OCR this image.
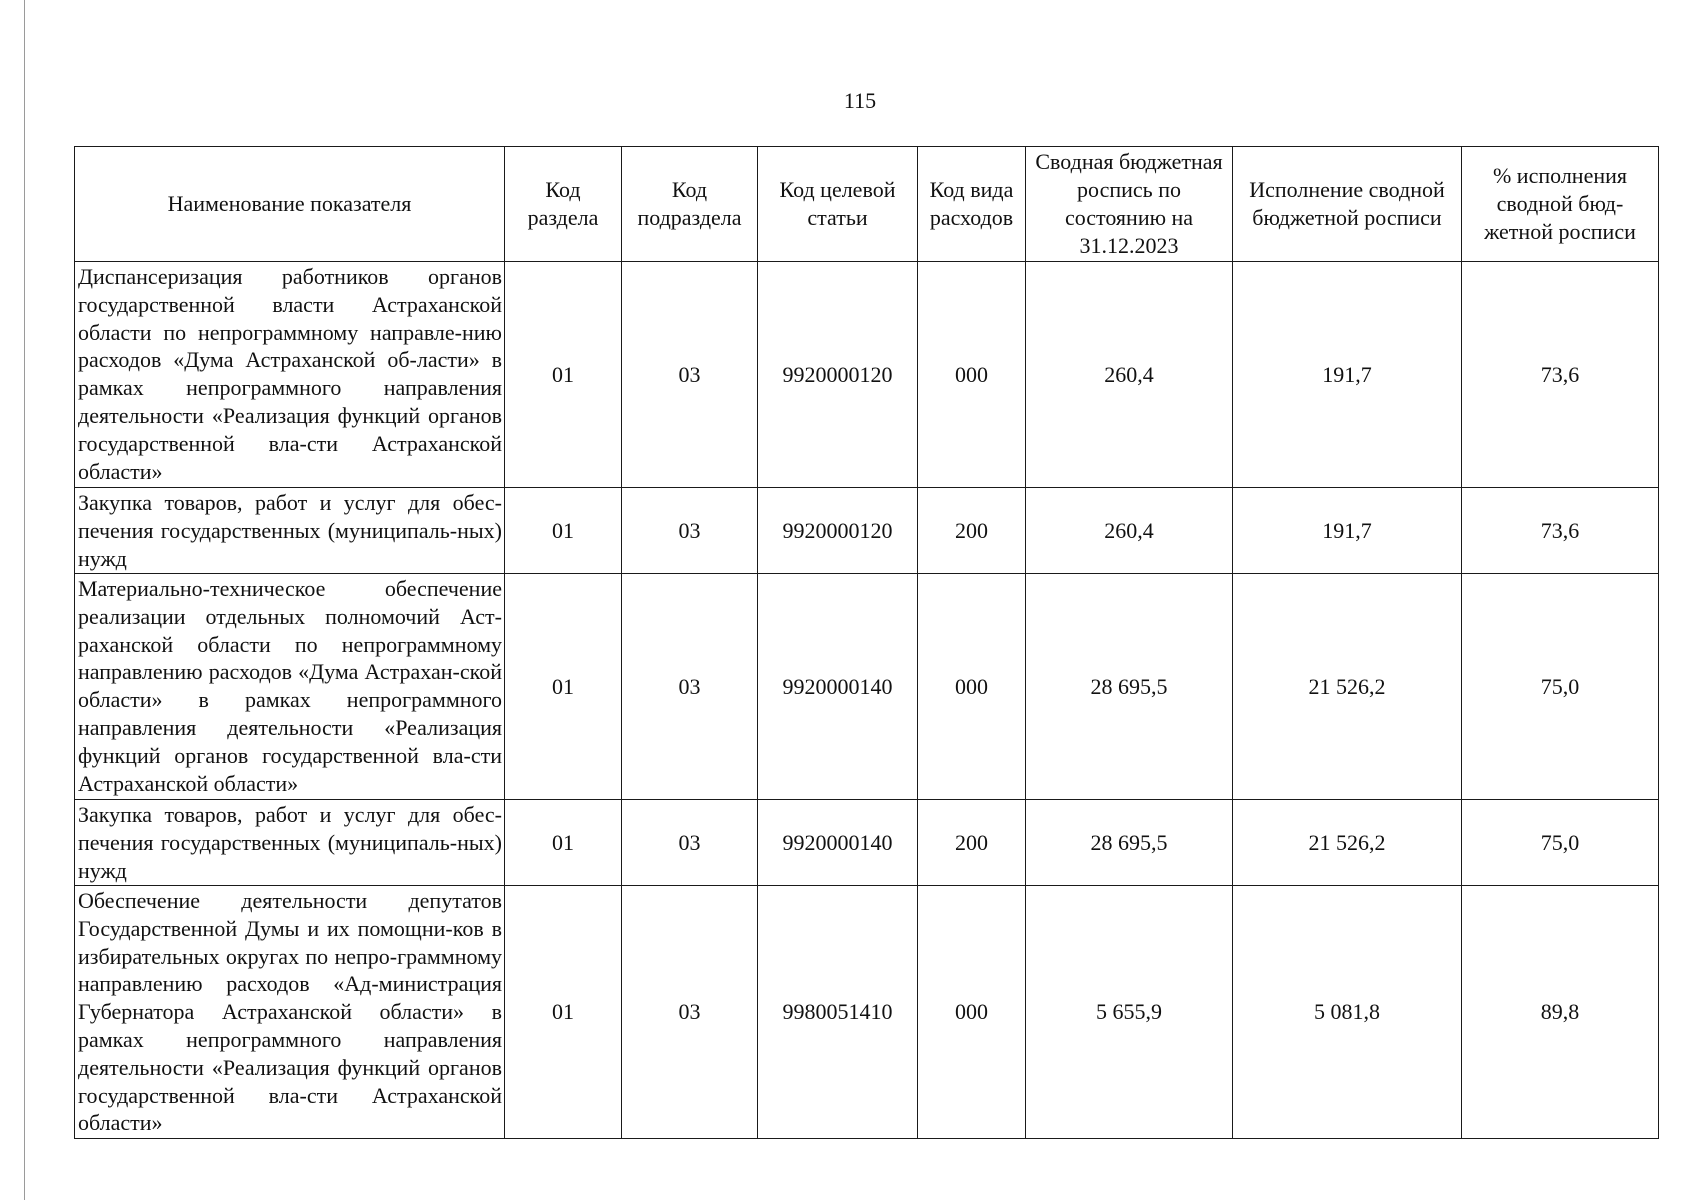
115
Наименование показателя	Код раздела	Код подраздела	Код целевой статьи	Код вида расходов	Сводная бюджетная роспись по состоянию на 31.12.2023	Исполнение сводной бюджетной росписи	% исполнения сводной бюд-жетной росписи
Диспансеризация работников органов государственной власти Астраханской области по непрограммному направле-нию расходов «Дума Астраханской об-ласти» в рамках непрограммного направления деятельности «Реализация функций органов государственной вла-сти Астраханской области»	01	03	9920000120	000	260,4	191,7	73,6
Закупка товаров, работ и услуг для обес-печения государственных (муниципаль-ных) нужд	01	03	9920000120	200	260,4	191,7	73,6
Материально-техническое обеспечение реализации отдельных полномочий Аст-раханской области по непрограммному направлению расходов «Дума Астрахан-ской области» в рамках непрограммного направления деятельности «Реализация функций органов государственной вла-сти Астраханской области»	01	03	9920000140	000	28 695,5	21 526,2	75,0
Закупка товаров, работ и услуг для обес-печения государственных (муниципаль-ных) нужд	01	03	9920000140	200	28 695,5	21 526,2	75,0
Обеспечение деятельности депутатов Государственной Думы и их помощни-ков в избирательных округах по непро-граммному направлению расходов «Ад-министрация Губернатора Астраханской области» в рамках непрограммного направления деятельности «Реализация функций органов государственной вла-сти Астраханской области»	01	03	9980051410	000	5 655,9	5 081,8	89,8
